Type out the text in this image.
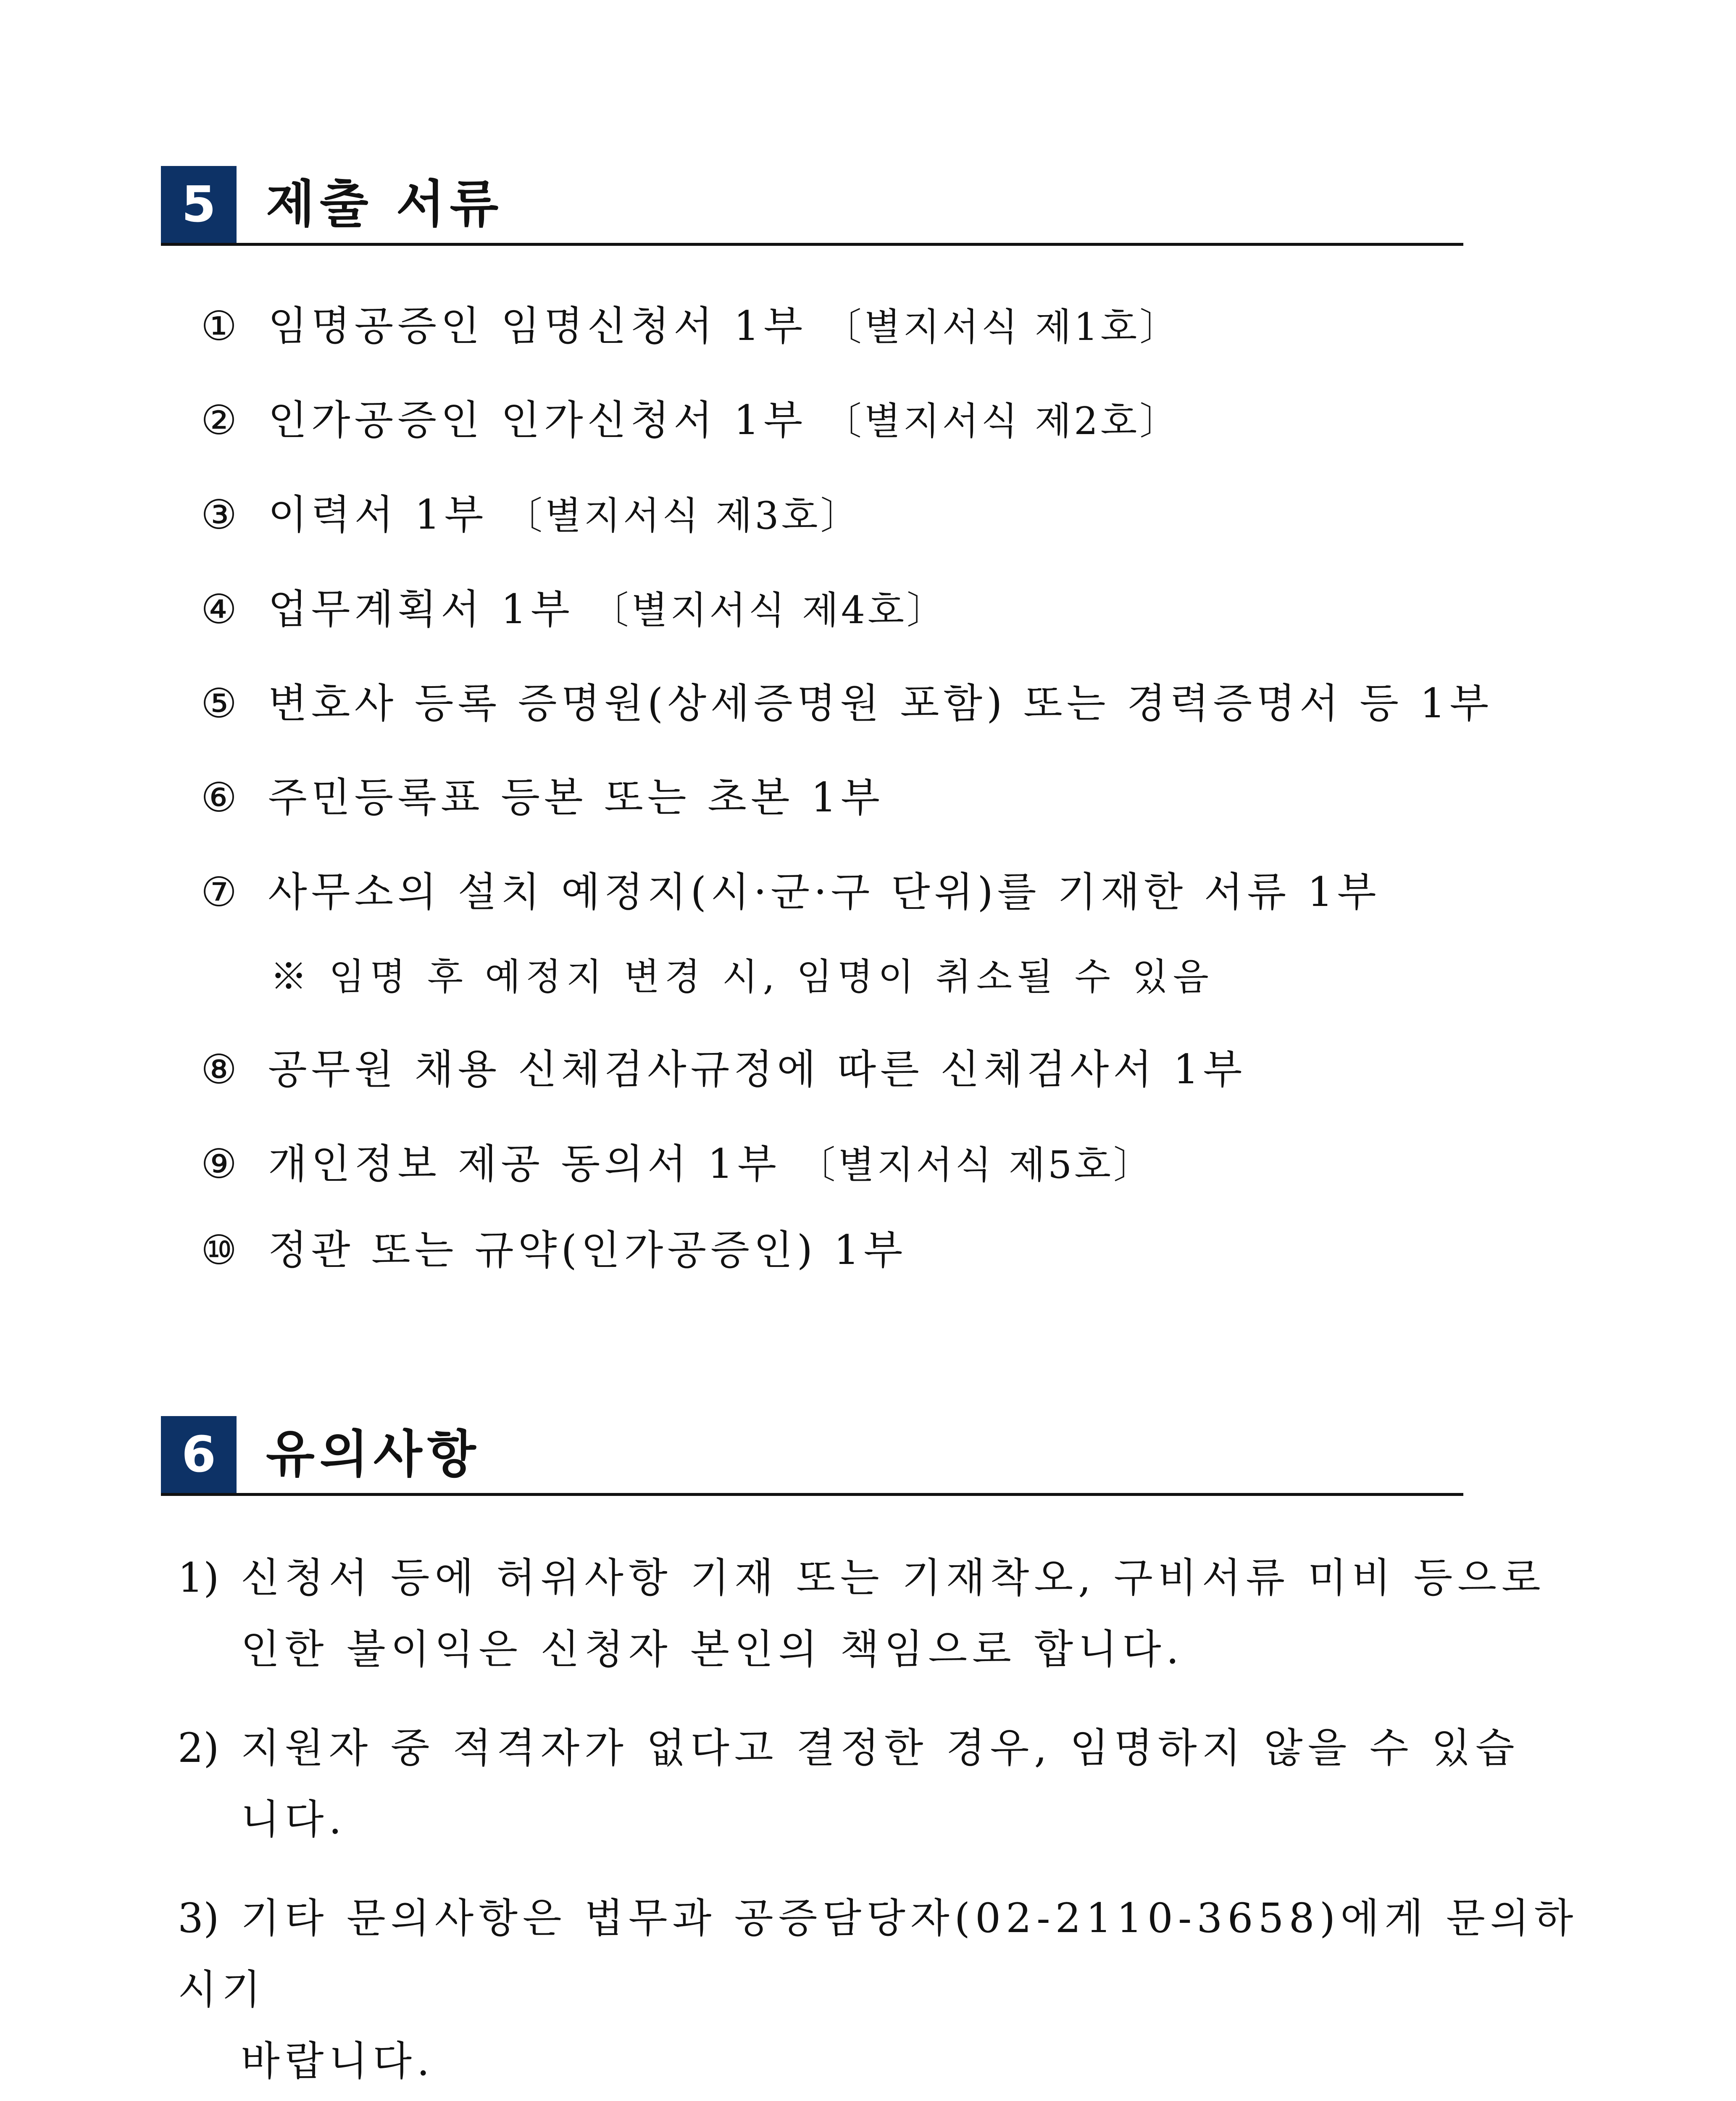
5 제출 서류
① 임명공증인 임명신청서 1부 〔별지서식 제1호〕
② 인가공증인 인가신청서 1부 〔별지서식 제2호〕
③ 이력서 1부 〔별지서식 제3호〕
④ 업무계획서 1부 〔별지서식 제4호〕
⑤ 변호사 등록 증명원(상세증명원 포함) 또는 경력증명서 등 1부
⑥ 주민등록표 등본 또는 초본 1부
⑦ 사무소의 설치 예정지(시·군·구 단위)를 기재한 서류 1부
※ 임명 후 예정지 변경 시, 임명이 취소될 수 있음
⑧ 공무원 채용 신체검사규정에 따른 신체검사서 1부
⑨ 개인정보 제공 동의서 1부 〔별지서식 제5호〕
⑩ 정관 또는 규약(인가공증인) 1부
6 유의사항
1) 신청서 등에 허위사항 기재 또는 기재착오, 구비서류 미비 등으로
인한 불이익은 신청자 본인의 책임으로 합니다.
2) 지원자 중 적격자가 없다고 결정한 경우, 임명하지 않을 수 있습
니다.
3) 기타 문의사항은 법무과 공증담당자(02-2110-3658)에게 문의하시기
바랍니다.
